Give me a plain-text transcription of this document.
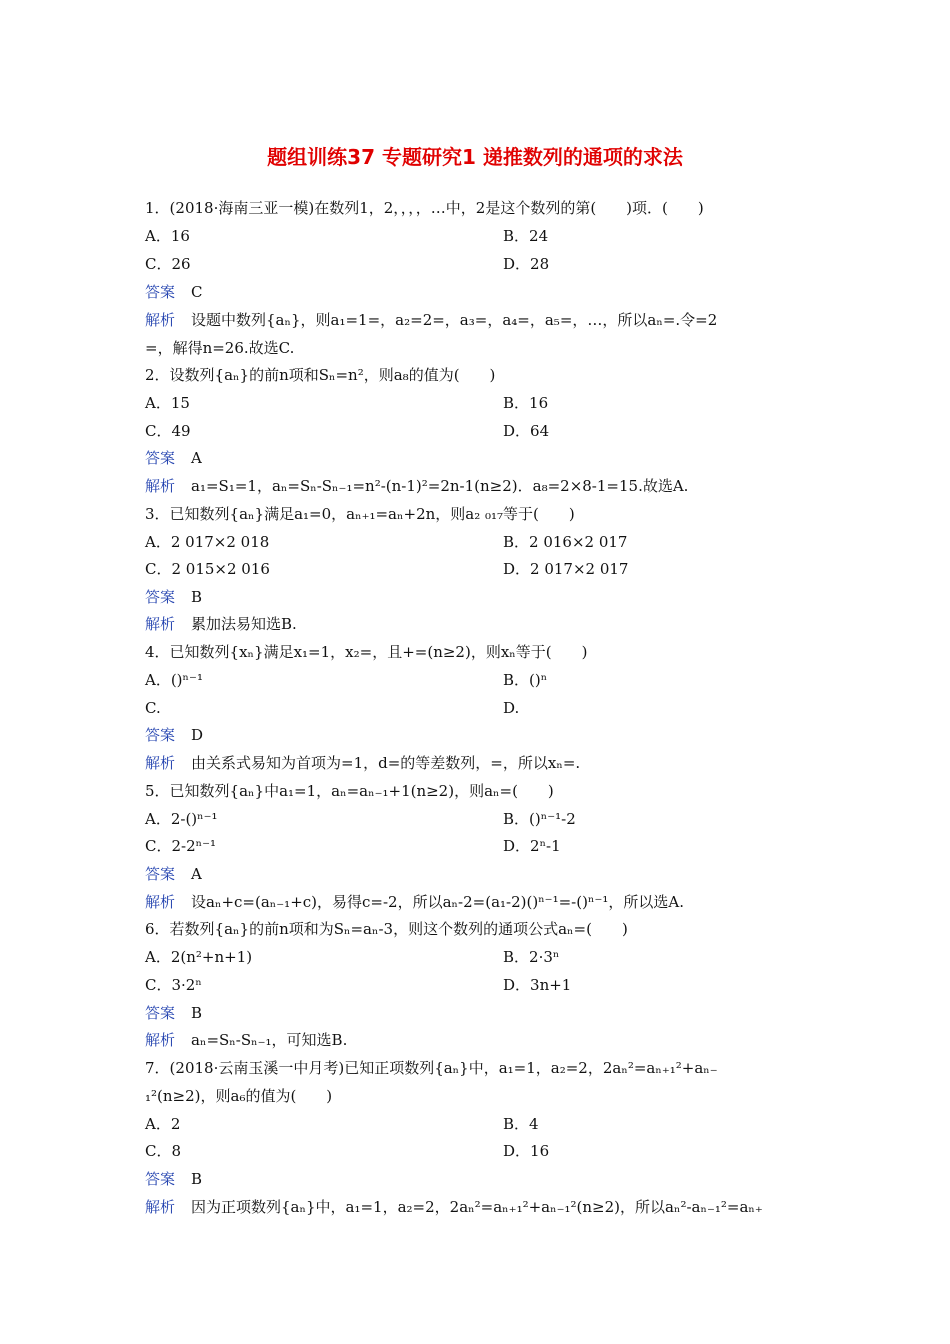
题组训练37 专题研究1 递推数列的通项的求法
1．(2018·海南三亚一模)在数列1，2，，，，…中，2是这个数列的第(　　)项．(　　)
A．16	B．24
C．26	D．28
答案 C
解析 设题中数列{aₙ}，则a₁=1=，a₂=2=，a₃=，a₄=，a₅=，…，所以aₙ=.令=2
=，解得n=26.故选C.
2．设数列{aₙ}的前n项和Sₙ=n²，则a₈的值为(　　)
A．15	B．16
C．49	D．64
答案 A
解析 a₁=S₁=1，aₙ=Sₙ-Sₙ₋₁=n²-(n-1)²=2n-1(n≥2)．a₈=2×8-1=15.故选A.
3．已知数列{aₙ}满足a₁=0，aₙ₊₁=aₙ+2n，则a₂ ₀₁₇等于(　　)
A．2 017×2 018	B．2 016×2 017
C．2 015×2 016	D．2 017×2 017
答案 B
解析 累加法易知选B.
4．已知数列{xₙ}满足x₁=1，x₂=，且+=(n≥2)，则xₙ等于(　　)
A．()ⁿ⁻¹	B．()ⁿ
C.	D.
答案 D
解析 由关系式易知为首项为=1，d=的等差数列，=，所以xₙ=.
5．已知数列{aₙ}中a₁=1，aₙ=aₙ₋₁+1(n≥2)，则aₙ=(　　)
A．2-()ⁿ⁻¹	B．()ⁿ⁻¹-2
C．2-2ⁿ⁻¹	D．2ⁿ-1
答案 A
解析 设aₙ+c=(aₙ₋₁+c)，易得c=-2，所以aₙ-2=(a₁-2)()ⁿ⁻¹=-()ⁿ⁻¹，所以选A.
6．若数列{aₙ}的前n项和为Sₙ=aₙ-3，则这个数列的通项公式aₙ=(　　)
A．2(n²+n+1)	B．2·3ⁿ
C．3·2ⁿ	D．3n+1
答案 B
解析 aₙ=Sₙ-Sₙ₋₁，可知选B.
7．(2018·云南玉溪一中月考)已知正项数列{aₙ}中，a₁=1，a₂=2，2aₙ²=aₙ₊₁²+aₙ₋
₁²(n≥2)，则a₆的值为(　　)
A．2	B．4
C．8	D．16
答案 B
解析 因为正项数列{aₙ}中，a₁=1，a₂=2，2aₙ²=aₙ₊₁²+aₙ₋₁²(n≥2)，所以aₙ²-aₙ₋₁²=aₙ₊
